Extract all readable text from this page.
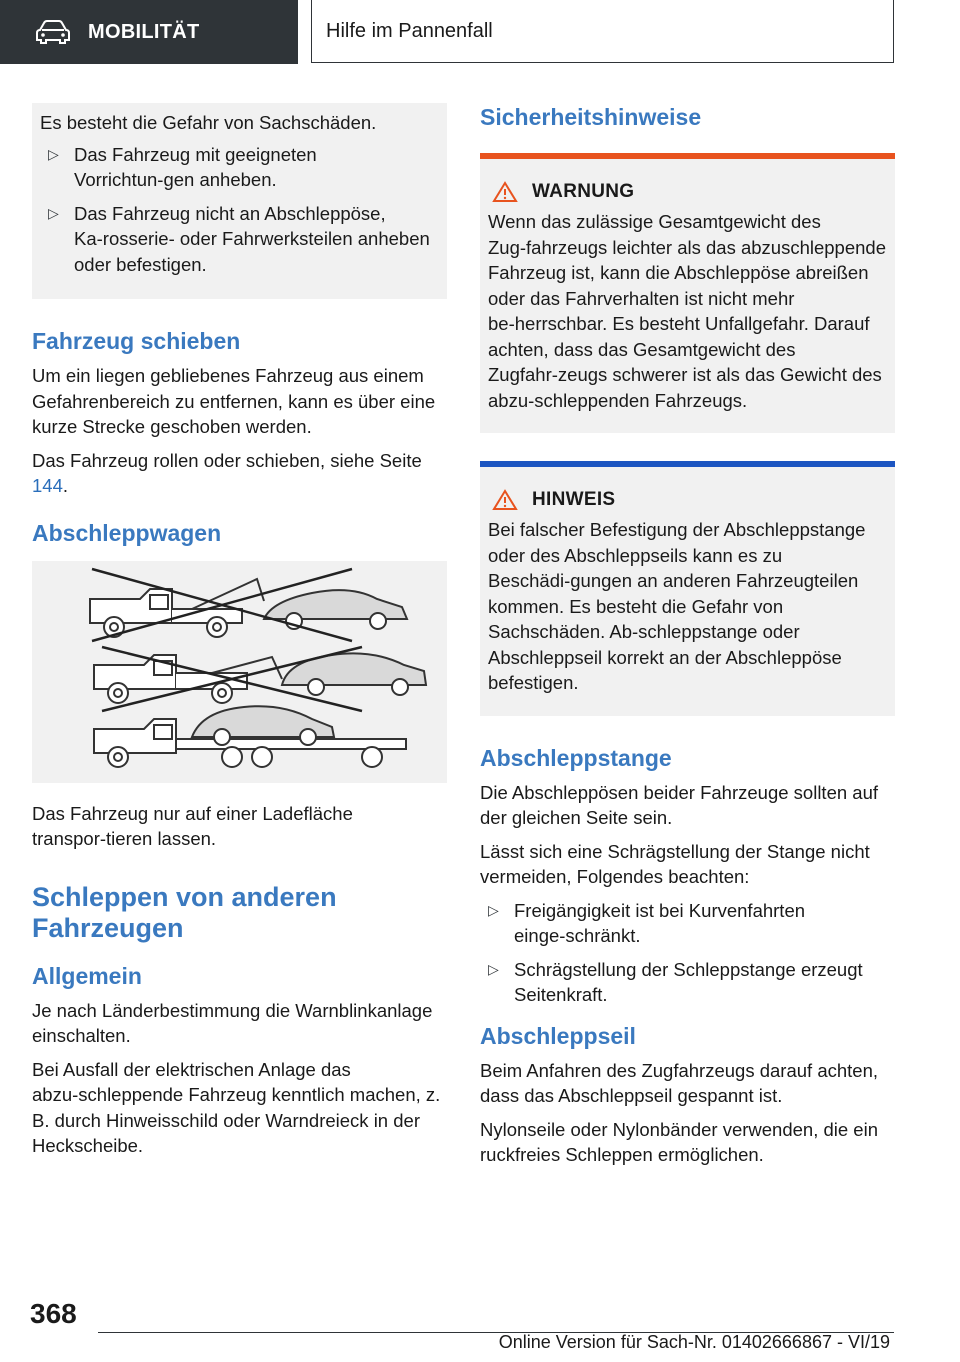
MOBILITÄT	Hilfe im Pannenfall

Es besteht die Gefahr von Sachschäden.

▷ Das Fahrzeug mit geeigneten Vorrichtun‑gen anheben.
▷ Das Fahrzeug nicht an Abschleppöse, Ka‑rosserie- oder Fahrwerksteilen anheben oder befestigen.
Fahrzeug schieben

Um ein liegen gebliebenes Fahrzeug aus einem Gefahrenbereich zu entfernen, kann es über eine kurze Strecke geschoben werden.

Das Fahrzeug rollen oder schieben, siehe Seite 144.

Abschleppwagen

Das Fahrzeug nur auf einer Ladefläche transpor‑tieren lassen.

Schleppen von anderen Fahrzeugen
Allgemein

Je nach Länderbestimmung die Warnblinkanlage einschalten.

Bei Ausfall der elektrischen Anlage das abzu‑schleppende Fahrzeug kenntlich machen, z. B. durch Hinweisschild oder Warndreieck in der Heckscheibe.

Sicherheitshinweise
WARNUNG

Wenn das zulässige Gesamtgewicht des Zug‑fahrzeugs leichter als das abzuschleppende Fahrzeug ist, kann die Abschleppöse abreißen oder das Fahrverhalten ist nicht mehr be‑herrschbar. Es besteht Unfallgefahr. Darauf achten, dass das Gesamtgewicht des Zugfahr‑zeugs schwerer ist als das Gewicht des abzu‑schleppenden Fahrzeugs.

HINWEIS

Bei falscher Befestigung der Abschleppstange oder des Abschleppseils kann es zu Beschädi‑gungen an anderen Fahrzeugteilen kommen. Es besteht die Gefahr von Sachschäden. Ab‑schleppstange oder Abschleppseil korrekt an der Abschleppöse befestigen.

Abschleppstange

Die Abschleppösen beider Fahrzeuge sollten auf der gleichen Seite sein.

Lässt sich eine Schrägstellung der Stange nicht vermeiden, Folgendes beachten:

▷ Freigängigkeit ist bei Kurvenfahrten einge‑schränkt.
▷ Schrägstellung der Schleppstange erzeugt Seitenkraft.
Abschleppseil

Beim Anfahren des Zugfahrzeugs darauf achten, dass das Abschleppseil gespannt ist.

Nylonseile oder Nylonbänder verwenden, die ein ruckfreies Schleppen ermöglichen.

368
Online Version für Sach-Nr. 01402666867 - VI/19
